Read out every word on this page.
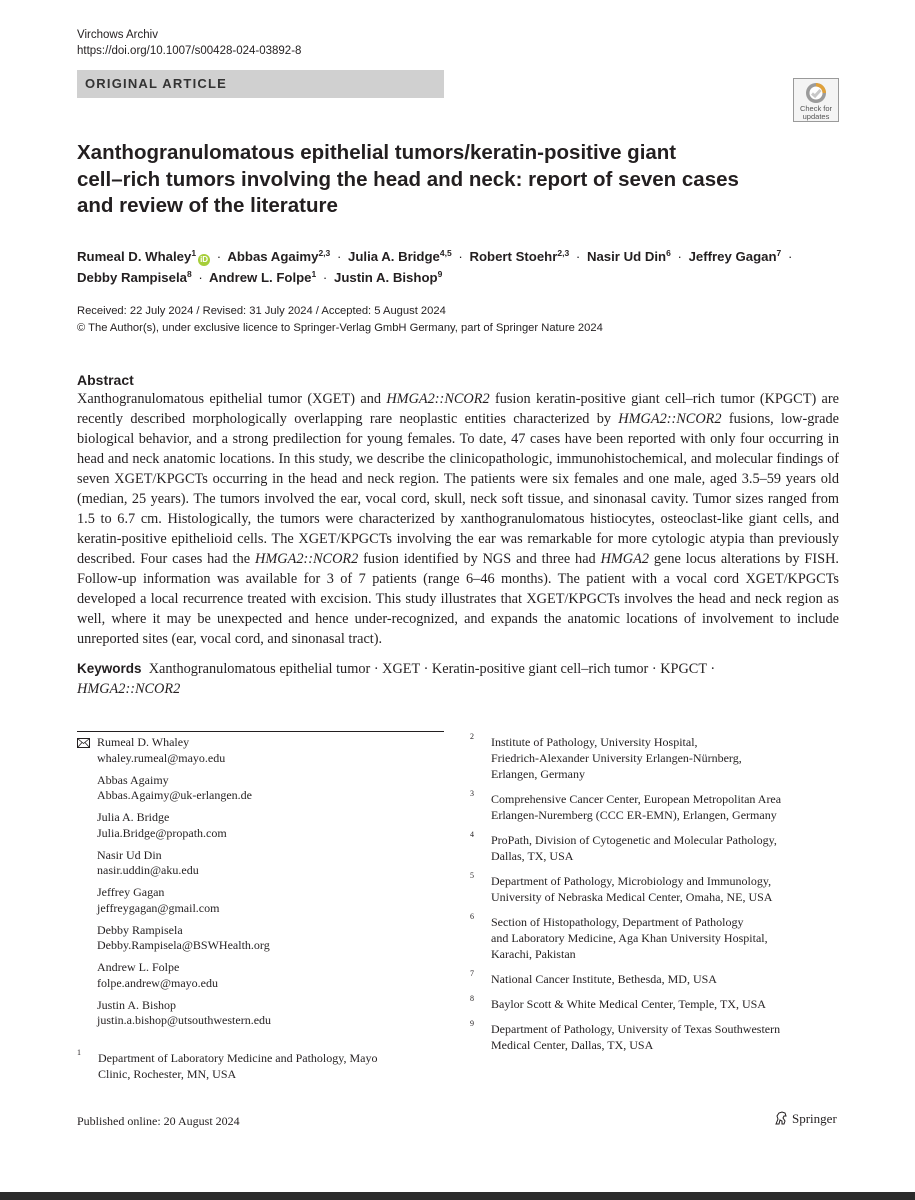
Virchows Archiv
https://doi.org/10.1007/s00428-024-03892-8
ORIGINAL ARTICLE
Check for
updates
Xanthogranulomatous epithelial tumors/keratin-positive giant
cell–rich tumors involving the head and neck: report of seven cases
and review of the literature
Rumeal D. Whaley$^1$iD · Abbas Agaimy$^{2,3}$ · Julia A. Bridge$^{4,5}$ · Robert Stoehr$^{2,3}$ · Nasir Ud Din$^6$ · Jeffrey Gagan$^7$ ·
Debby Rampisela$^8$ · Andrew L. Folpe$^1$ · Justin A. Bishop$^9$
Received: 22 July 2024 / Revised: 31 July 2024 / Accepted: 5 August 2024
© The Author(s), under exclusive licence to Springer-Verlag GmbH Germany, part of Springer Nature 2024
Abstract
Xanthogranulomatous epithelial tumor (XGET) and HMGA2::NCOR2 fusion keratin-positive giant cell–rich tumor (KPGCT) are recently described morphologically overlapping rare neoplastic entities characterized by HMGA2::NCOR2 fusions, low-grade biological behavior, and a strong predilection for young females. To date, 47 cases have been reported with only four occurring in head and neck anatomic locations. In this study, we describe the clinicopathologic, immunohistochemical, and molecular findings of seven XGET/KPGCTs occurring in the head and neck region. The patients were six females and one male, aged 3.5–59 years old (median, 25 years). The tumors involved the ear, vocal cord, skull, neck soft tissue, and sinonasal cavity. Tumor sizes ranged from 1.5 to 6.7 cm. Histologically, the tumors were characterized by xanthogranulomatous histiocytes, osteoclast-like giant cells, and keratin-positive epithelioid cells. The XGET/KPGCTs involving the ear was remarkable for more cytologic atypia than previously described. Four cases had the HMGA2::NCOR2 fusion identified by NGS and three had HMGA2 gene locus alterations by FISH. Follow-up information was available for 3 of 7 patients (range 6–46 months). The patient with a vocal cord XGET/KPGCTs developed a local recurrence treated with excision. This study illustrates that XGET/KPGCTs involves the head and neck region as well, where it may be unexpected and hence under-recognized, and expands the anatomic locations of involvement to include unreported sites (ear, vocal cord, and sinonasal tract).
Keywords Xanthogranulomatous epithelial tumor · XGET · Keratin-positive giant cell–rich tumor · KPGCT ·
HMGA2::NCOR2
Rumeal D. Whaley
whaley.rumeal@mayo.edu
Abbas Agaimy
Abbas.Agaimy@uk-erlangen.de
Julia A. Bridge
Julia.Bridge@propath.com
Nasir Ud Din
nasir.uddin@aku.edu
Jeffrey Gagan
jeffreygagan@gmail.com
Debby Rampisela
Debby.Rampisela@BSWHealth.org
Andrew L. Folpe
folpe.andrew@mayo.edu
Justin A. Bishop
justin.a.bishop@utsouthwestern.edu
1 Department of Laboratory Medicine and Pathology, Mayo
Clinic, Rochester, MN, USA
2 Institute of Pathology, University Hospital,
Friedrich-Alexander University Erlangen-Nürnberg,
Erlangen, Germany
3 Comprehensive Cancer Center, European Metropolitan Area
Erlangen-Nuremberg (CCC ER-EMN), Erlangen, Germany
4 ProPath, Division of Cytogenetic and Molecular Pathology,
Dallas, TX, USA
5 Department of Pathology, Microbiology and Immunology,
University of Nebraska Medical Center, Omaha, NE, USA
6 Section of Histopathology, Department of Pathology
and Laboratory Medicine, Aga Khan University Hospital,
Karachi, Pakistan
7 National Cancer Institute, Bethesda, MD, USA
8 Baylor Scott & White Medical Center, Temple, TX, USA
9 Department of Pathology, University of Texas Southwestern
Medical Center, Dallas, TX, USA
Published online: 20 August 2024	Springer
